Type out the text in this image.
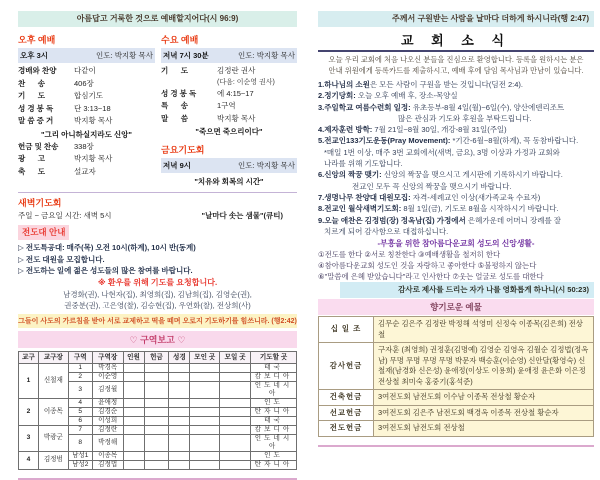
아름답고 거룩한 것으로 예배할지어다(시 96:9)
오후 예배
오후 3시	인도: 박지황 목사
경배와 찬양	다같이
찬      송	406장
기      도	합심기도
성 경 봉 독	단 3:13~18
말 씀 증 거	박지황 목사
"그리 아니하실지라도 신앙"
헌금 및 찬송	338장
광      고	박지황 목사
축      도	설교자
수요 예배
저녁 7시 30분	인도: 박지황 목사
기      도	김정란 권사
(다음: 이순영 권사)
성 경 봉 독	에 4:15~17
특      송	1구역
말      씀	박지황 목사
"죽으면 죽으리이다"
금요기도회
저녁 9시	인도: 박지황 목사
"치유와 회복의 시간"
새벽기도회
주일 ~ 금요일 시간: 새벽 5시	"날마다 솟는 샘물"(큐티)
전도대 안내
▷ 전도특공대: 매주(목) 오전 10시(하계), 10시 반(동계)
▷ 전도 대원을 모집합니다.
▷ 전도하는 일에 젊은 성도들의 많은 참여를 바랍니다.
※ 환우를 위해 기도를 요청합니다.
남경화(권), 나현자(집), 최영희(집), 김남희(집), 김영순(권),
권중분(권), 고은영(찰), 김승현(집), 우연화(찰), 전상희(사)
그들이 사도의 가르침을 받아 서로 교제하고 떡을 떼며 오로지 기도하기를 힘쓰니라. (행2:42)
♡ 구역보고 ♡
교구	교구장	구역	구역장	인원	헌금	성경	모인 곳	모일 곳	기도할 곳
1	신철재	1	박경옥						태국
		2	이순영						캄보디아
		3	김정월						인도네시아
2	이종목	4	윤애정						인도
		5	김경순						탄자니아
		6	이성희						태국
3	박광군	7	김정란						캄보디아
		8	박정해						인도네시아
4	김정범	남성1	이종목						인도
		남성2	김정법						탄자니아
주께서 구원받는 사람을 날마다 더하게 하시니라(행 2:47)
교 회 소 식
오늘 우리 교회에 처음 나오신 분들을 진심으로 환영합니다. 등록을 원하시는 분은
안내 위원에게 등록카드를 제출하시고, 예배 후에 담임 목사님과 만남이 있습니다.
1.하나님의 소원은 모든 사람이 구원을 받는 것입니다(딤전 2:4).
2.정기당회: 오늘 오후 예배 후, 장소-목양실
3.주일학교 여름수련회 일정: 유초등부-8월 4일(월)~6일(수), 양산에덴리조트
많은 관심과 기도와 후원을 부탁드립니다.
4.제자훈련 방학: 7월 21일~8월 30일, 개강-8월 31일(주일)
5.전교인133기도운동(Pray Movement): *기간-6월~8월(하계), 꼭 동참바랍니다.
*매일 1번 이상, 매주 3번 교회에서(새벽, 금요), 3명 이상과 가정과 교회와
나라를 위해 기도합니다.
6.신앙의 짝꿍 맺기: 신앙의 짝꿍을 맺으시고 게시판에 기록하시기 바랍니다.
전교인 모두 꼭 신앙의 짝꿍을 맺으시기 바랍니다.
7.생명나무 찬양대 대원모집: 자격-세례교인 이상(새가족교육 수료자)
8.전교인 월삭새벽기도회: 8월 1일(금), 기도로 8월을 시작하시기 바랍니다.
9.오늘 애찬은 김정범(장) 정옥남(집) 가정에서 은혜가운데 어머니 장례를 잘
치르게 되어 감사함으로 대접하십니다.
-부흥을 위한 참아름다운교회 성도의 신앙생활-
①전도를 한다 ②서로 칭찬한다 ③예배생활을 철저히 한다
④참아름다운교회 성도인 것을 자랑하고 좋아한다 ⑤불평하지 않는다
⑥"말씀에 은혜 받았습니다"라고 인사한다 ⑦웃는 얼굴로 성도를 대한다
감사로 제사를 드리는 자가 나를 영화롭게 하나니(시 50:23)
향기로운 예물
십 일 조	김무순 김은주 김정란 박정해 석영미 신정숙 이종목(김은희) 전상철
감사헌금	구자훈 (최영희) 권정훈(김명예) 김영순 김영옥 김월순 김정법(정옥남) 무명 무명 무명 무명 박문자 백승훈(이순영) 신안달(황영숙) 신철재(남경화 신은성) 윤애정(이상도 이용희) 윤애정 윤은화 이은정 전상철 최미숙 홍중기(홍석준)
건축헌금	3여전도회 남전도회 이수남 이종목 전상철 황순자
선교헌금	3여전도회 김은주 남전도회 백경옥 이종목 전상철 황순자
전도헌금	3여전도회 남전도회 전상철
